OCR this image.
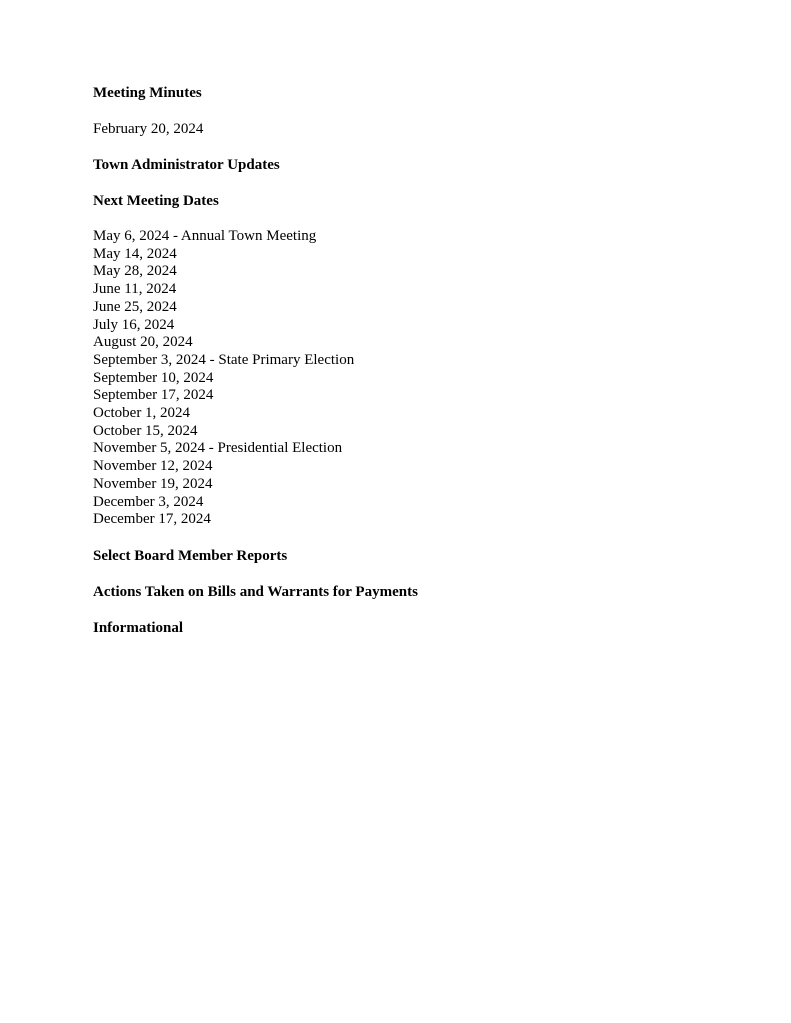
Meeting Minutes

February 20, 2024

Town Administrator Updates

Next Meeting Dates

May 6, 2024 - Annual Town Meeting
May 14, 2024
May 28, 2024
June 11, 2024
June 25, 2024
July 16, 2024
August 20, 2024
September 3, 2024 - State Primary Election
September 10, 2024
September 17, 2024
October 1, 2024
October 15, 2024
November 5, 2024 - Presidential Election
November 12, 2024
November 19, 2024
December 3, 2024
December 17, 2024

Select Board Member Reports

Actions Taken on Bills and Warrants for Payments

Informational
